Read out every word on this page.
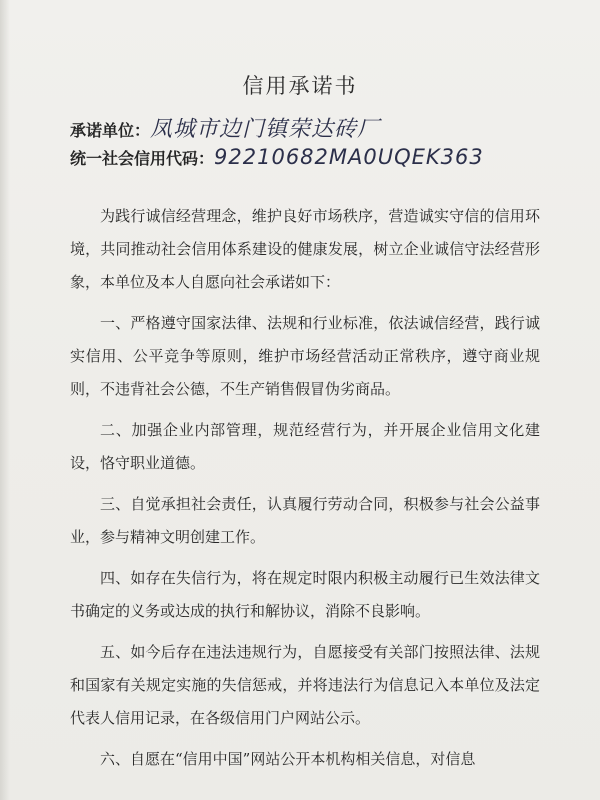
信用承诺书
承诺单位：凤城市边门镇荣达砖厂
统一社会信用代码：92210682MA0UQEK363

为践行诚信经营理念，维护良好市场秩序，营造诚实守信的信用环境，共同推动社会信用体系建设的健康发展，树立企业诚信守法经营形象，本单位及本人自愿向社会承诺如下：

一、严格遵守国家法律、法规和行业标准，依法诚信经营，践行诚实信用、公平竞争等原则，维护市场经营活动正常秩序，遵守商业规则，不违背社会公德，不生产销售假冒伪劣商品。

二、加强企业内部管理，规范经营行为，并开展企业信用文化建设，恪守职业道德。

三、自觉承担社会责任，认真履行劳动合同，积极参与社会公益事业，参与精神文明创建工作。

四、如存在失信行为，将在规定时限内积极主动履行已生效法律文书确定的义务或达成的执行和解协议，消除不良影响。

五、如今后存在违法违规行为，自愿接受有关部门按照法律、法规和国家有关规定实施的失信惩戒，并将违法行为信息记入本单位及法定代表人信用记录，在各级信用门户网站公示。

六、自愿在“信用中国”网站公开本机构相关信息，对信息
